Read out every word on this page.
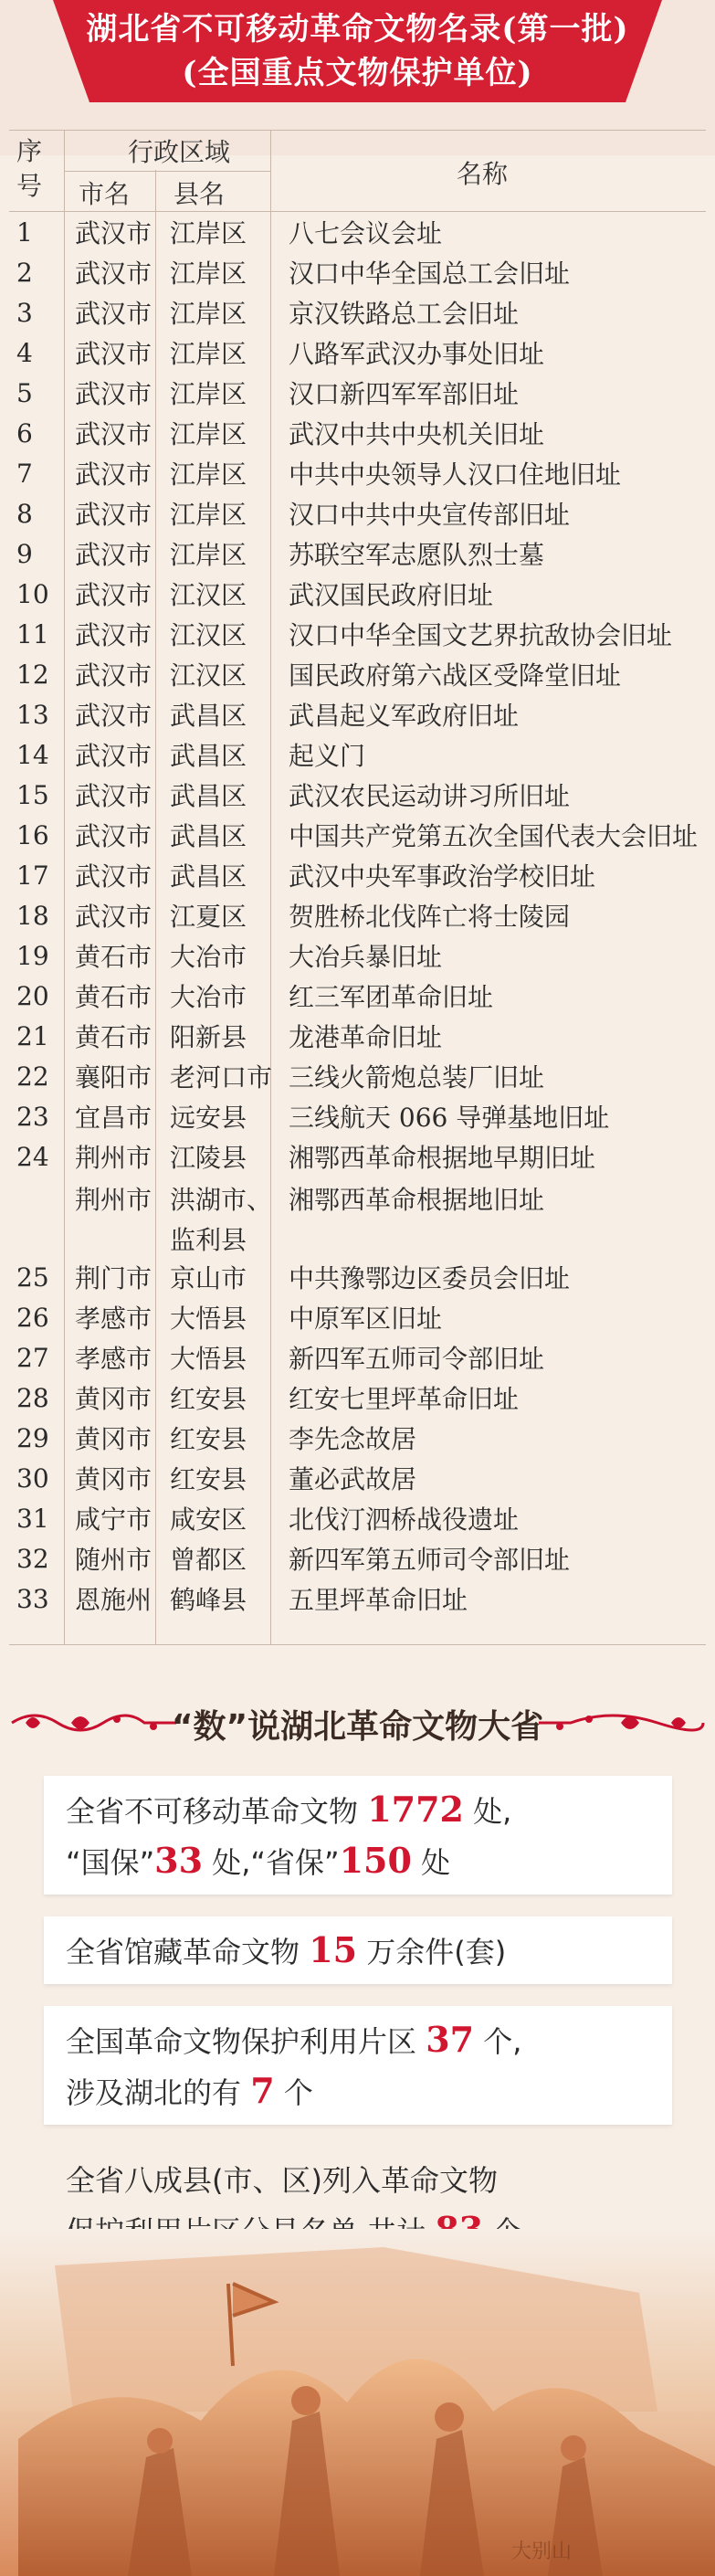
湖北省不可移动革命文物名录(第一批)
(全国重点文物保护单位)
序号
行政区域
市名 县名
名称
1 武汉市 江岸区 八七会议会址
2 武汉市 江岸区 汉口中华全国总工会旧址
3 武汉市 江岸区 京汉铁路总工会旧址
4 武汉市 江岸区 八路军武汉办事处旧址
5 武汉市 江岸区 汉口新四军军部旧址
6 武汉市 江岸区 武汉中共中央机关旧址
7 武汉市 江岸区 中共中央领导人汉口住地旧址
8 武汉市 江岸区 汉口中共中央宣传部旧址
9 武汉市 江岸区 苏联空军志愿队烈士墓
10 武汉市 江汉区 武汉国民政府旧址
11 武汉市 江汉区 汉口中华全国文艺界抗敌协会旧址
12 武汉市 江汉区 国民政府第六战区受降堂旧址
13 武汉市 武昌区 武昌起义军政府旧址
14 武汉市 武昌区 起义门
15 武汉市 武昌区 武汉农民运动讲习所旧址
16 武汉市 武昌区 中国共产党第五次全国代表大会旧址
17 武汉市 武昌区 武汉中央军事政治学校旧址
18 武汉市 江夏区 贺胜桥北伐阵亡将士陵园
19 黄石市 大冶市 大冶兵暴旧址
20 黄石市 大冶市 红三军团革命旧址
21 黄石市 阳新县 龙港革命旧址
22 襄阳市 老河口市 三线火箭炮总装厂旧址
23 宜昌市 远安县 三线航天 066 导弹基地旧址
24 荆州市 江陵县 湘鄂西革命根据地早期旧址
荆州市 洪湖市、 湘鄂西革命根据地旧址
监利县
25 荆门市 京山市 中共豫鄂边区委员会旧址
26 孝感市 大悟县 中原军区旧址
27 孝感市 大悟县 新四军五师司令部旧址
28 黄冈市 红安县 红安七里坪革命旧址
29 黄冈市 红安县 李先念故居
30 黄冈市 红安县 董必武故居
31 咸宁市 咸安区 北伐汀泗桥战役遗址
32 随州市 曾都区 新四军第五师司令部旧址
33 恩施州 鹤峰县 五里坪革命旧址
“数”说湖北革命文物大省
全省不可移动革命文物 1772 处,
“国保”33 处,“省保”150 处
全省馆藏革命文物 15 万余件(套)
全国革命文物保护利用片区 37 个,
涉及湖北的有 7 个
全省八成县(市、区)列入革命文物
大别山
